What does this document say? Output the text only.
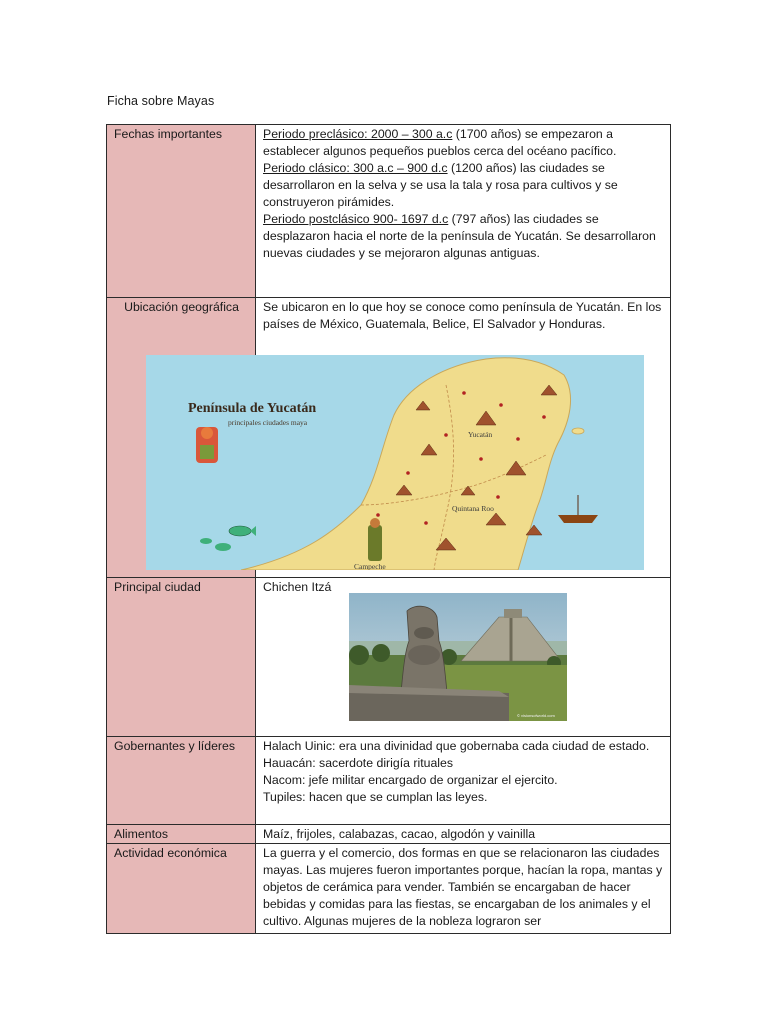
Ficha sobre Mayas
Fechas importantes	Periodo preclásico: 2000 – 300 a.c (1700 años) se empezaron a establecer algunos pequeños pueblos cerca del océano pacífico.
Periodo clásico: 300 a.c – 900 d.c (1200 años) las ciudades se desarrollaron en la selva y se usa la tala y rosa para cultivos y se construyeron pirámides.
Periodo postclásico 900- 1697 d.c (797 años) las ciudades se desplazaron hacia el norte de la península de Yucatán. Se desarrollaron nuevas ciudades y se mejoraron algunas antiguas.
Ubicación geográfica	Se ubicaron en lo que hoy se conoce como península de Yucatán. En los países de México, Guatemala, Belice, El Salvador y Honduras.
Principal ciudad	Chichen Itzá
Gobernantes y líderes	Halach Uinic: era una divinidad que gobernaba cada ciudad de estado.
Hauacán: sacerdote dirigía rituales
Nacom: jefe militar encargado de organizar el ejercito.
Tupiles: hacen que se cumplan las leyes.

Alimentos	Maíz, frijoles, calabazas, cacao, algodón y vainilla
Actividad económica	La guerra y el comercio, dos formas en que se relacionaron las ciudades mayas. Las mujeres fueron importantes porque, hacían la ropa, mantas y objetos de cerámica para vender. También se encargaban de hacer bebidas y comidas para las fiestas, se encargaban de los animales y el cultivo. Algunas mujeres de la nobleza lograron ser
Península de Yucatán
principales ciudades maya
Yucatán
Quintana Roo
Campeche
© visionsofworld.com
